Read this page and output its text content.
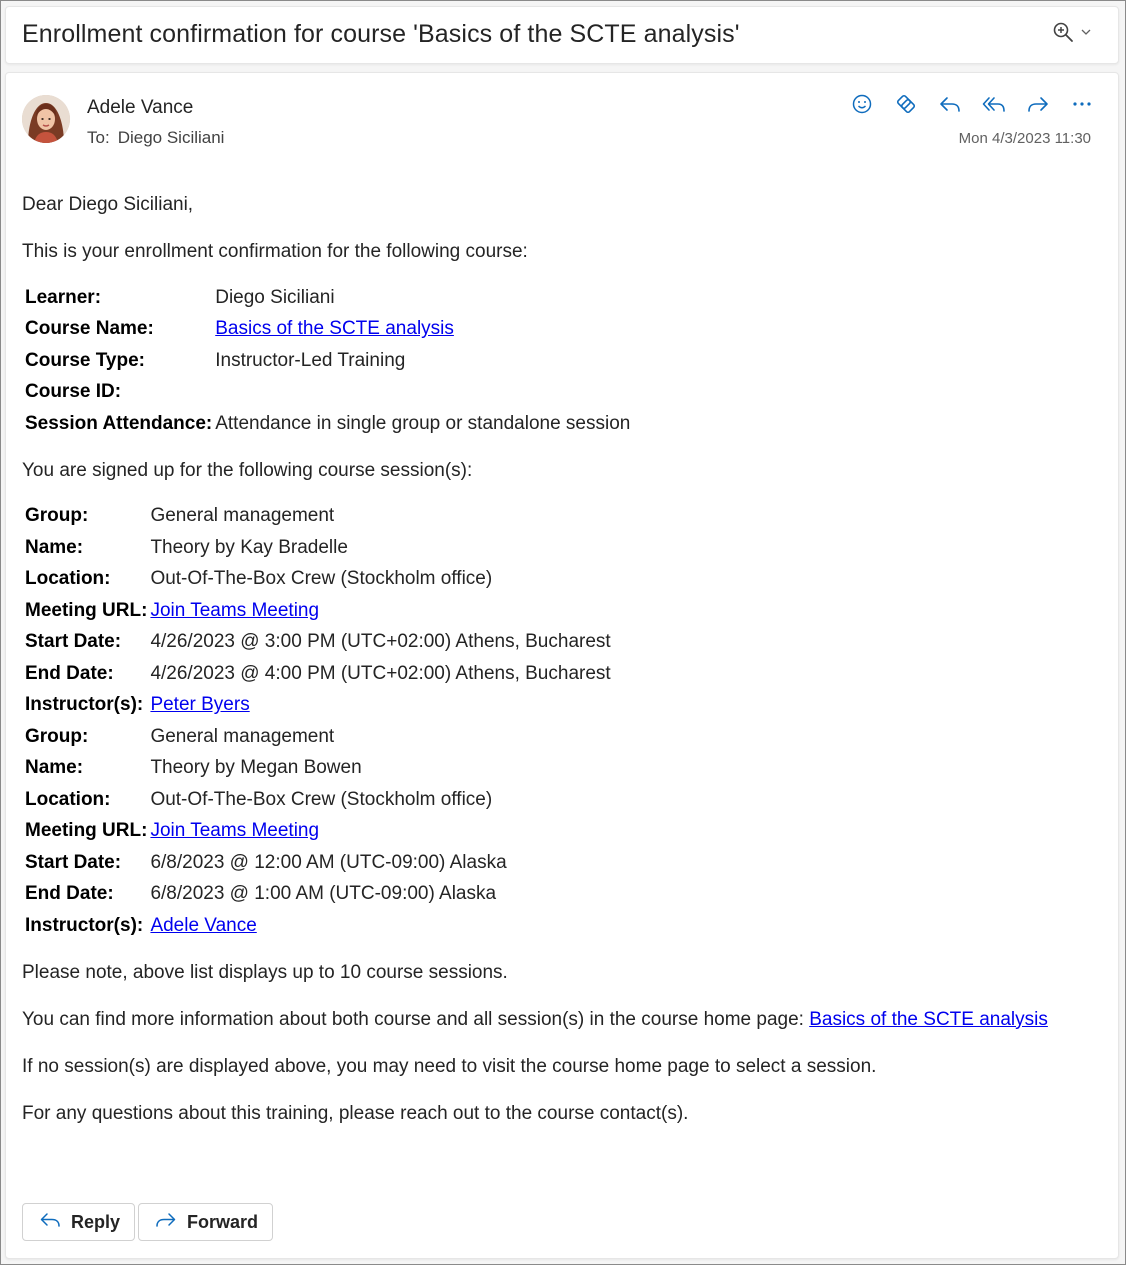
Enrollment confirmation for course 'Basics of the SCTE analysis'
Adele Vance
To: Diego Siciliani	Mon 4/3/2023 11:30

Dear Diego Siciliani,

This is your enrollment confirmation for the following course:

Learner:	Diego Siciliani
Course Name:	Basics of the SCTE analysis
Course Type:	Instructor-Led Training
Course ID:	
Session Attendance:	Attendance in single group or standalone session

You are signed up for the following course session(s):

Group:	General management
Name:	Theory by Kay Bradelle
Location:	Out-Of-The-Box Crew (Stockholm office)
Meeting URL:	Join Teams Meeting
Start Date:	4/26/2023 @ 3:00 PM (UTC+02:00) Athens, Bucharest
End Date:	4/26/2023 @ 4:00 PM (UTC+02:00) Athens, Bucharest
Instructor(s):	Peter Byers
Group:	General management
Name:	Theory by Megan Bowen
Location:	Out-Of-The-Box Crew (Stockholm office)
Meeting URL:	Join Teams Meeting
Start Date:	6/8/2023 @ 12:00 AM (UTC-09:00) Alaska
End Date:	6/8/2023 @ 1:00 AM (UTC-09:00) Alaska
Instructor(s):	Adele Vance

Please note, above list displays up to 10 course sessions.

You can find more information about both course and all session(s) in the course home page: Basics of the SCTE analysis

If no session(s) are displayed above, you may need to visit the course home page to select a session.

For any questions about this training, please reach out to the course contact(s).

Reply	Forward
